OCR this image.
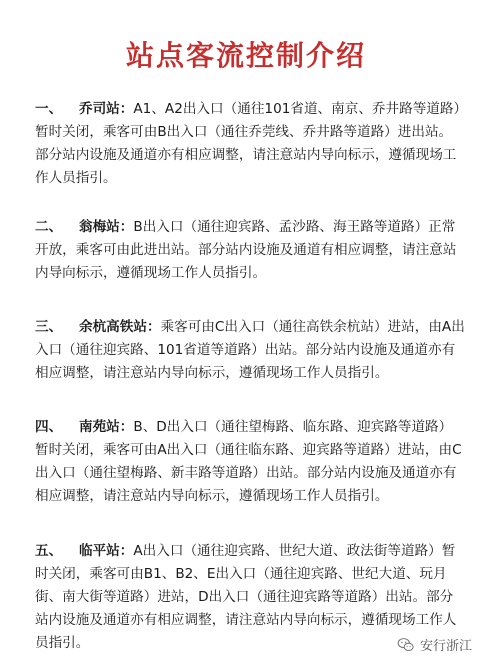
站点客流控制介绍
一、 乔司站：A1、A2出入口（通往101省道、南京、乔井路等道路）暂时关闭，乘客可由B出入口（通往乔莞线、乔井路等道路）进出站。部分站内设施及通道亦有相应调整，请注意站内导向标示，遵循现场工作人员指引。
二、 翁梅站：B出入口（通往迎宾路、孟沙路、海王路等道路）正常开放，乘客可由此进出站。部分站内设施及通道有相应调整，请注意站内导向标示，遵循现场工作人员指引。
三、 余杭高铁站：乘客可由C出入口（通往高铁余杭站）进站，由A出入口（通往迎宾路、101省道等道路）出站。部分站内设施及通道亦有相应调整，请注意站内导向标示，遵循现场工作人员指引。
四、 南苑站：B、D出入口（通往望梅路、临东路、迎宾路等道路）暂时关闭，乘客可由A出入口（通往临东路、迎宾路等道路）进站，由C出入口（通往望梅路、新丰路等道路）出站。部分站内设施及通道亦有相应调整，请注意站内导向标示，遵循现场工作人员指引。
五、 临平站：A出入口（通往迎宾路、世纪大道、政法街等道路）暂时关闭，乘客可由B1、B2、E出入口（通往迎宾路、世纪大道、玩月街、南大街等道路）进站，D出入口（通往迎宾路等道路）出站。部分站内设施及通道亦有相应调整，请注意站内导向标示，遵循现场工作人员指引。	安行浙江
